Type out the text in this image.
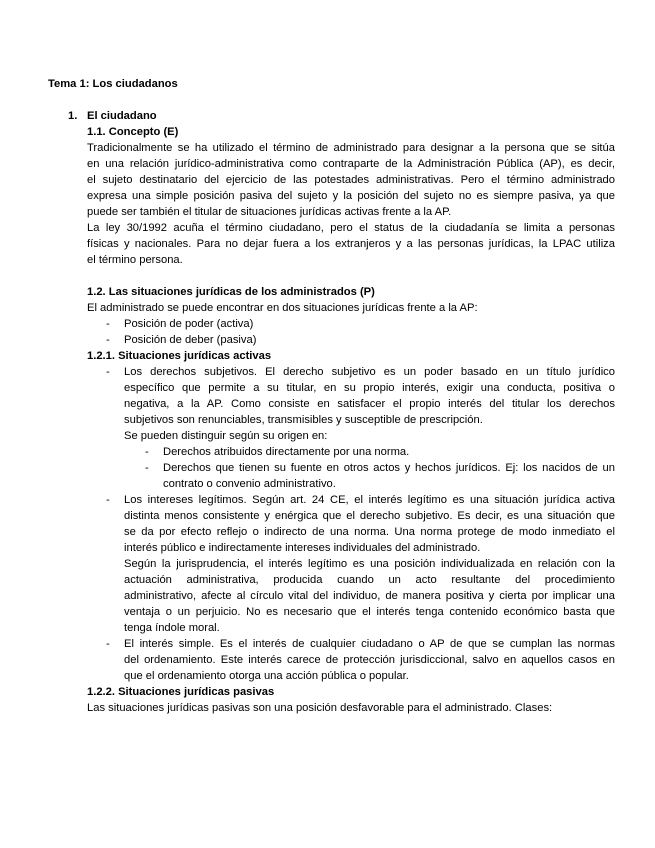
Tema 1: Los ciudadanos
1. El ciudadano
1.1. Concepto (E)
Tradicionalmente se ha utilizado el término de administrado para designar a la persona que se sitúa
en una relación jurídico-administrativa como contraparte de la Administración Pública (AP), es decir,
el sujeto destinatario del ejercicio de las potestades administrativas. Pero el término administrado
expresa una simple posición pasiva del sujeto y la posición del sujeto no es siempre pasiva, ya que
puede ser también el titular de situaciones jurídicas activas frente a la AP.
La ley 30/1992 acuña el término ciudadano, pero el status de la ciudadanía se limita a personas
físicas y nacionales. Para no dejar fuera a los extranjeros y a las personas jurídicas, la LPAC utiliza
el término persona.
1.2. Las situaciones jurídicas de los administrados (P)
El administrado se puede encontrar en dos situaciones jurídicas frente a la AP:
- Posición de poder (activa)
- Posición de deber (pasiva)
1.2.1. Situaciones jurídicas activas
- Los derechos subjetivos. El derecho subjetivo es un poder basado en un título jurídico
específico que permite a su titular, en su propio interés, exigir una conducta, positiva o
negativa, a la AP. Como consiste en satisfacer el propio interés del titular los derechos
subjetivos son renunciables, transmisibles y susceptible de prescripción.
Se pueden distinguir según su origen en:
- Derechos atribuidos directamente por una norma.
- Derechos que tienen su fuente en otros actos y hechos jurídicos. Ej: los nacidos de un
contrato o convenio administrativo.
- Los intereses legítimos. Según art. 24 CE, el interés legítimo es una situación jurídica activa
distinta menos consistente y enérgica que el derecho subjetivo. Es decir, es una situación que
se da por efecto reflejo o indirecto de una norma. Una norma protege de modo inmediato el
interés público e indirectamente intereses individuales del administrado.
Según la jurisprudencia, el interés legítimo es una posición individualizada en relación con la
actuación administrativa, producida cuando un acto resultante del procedimiento
administrativo, afecte al círculo vital del individuo, de manera positiva y cierta por implicar una
ventaja o un perjuicio. No es necesario que el interés tenga contenido económico basta que
tenga índole moral.
- El interés simple. Es el interés de cualquier ciudadano o AP de que se cumplan las normas
del ordenamiento. Este interés carece de protección jurisdiccional, salvo en aquellos casos en
que el ordenamiento otorga una acción pública o popular.
1.2.2. Situaciones jurídicas pasivas
Las situaciones jurídicas pasivas son una posición desfavorable para el administrado. Clases:
